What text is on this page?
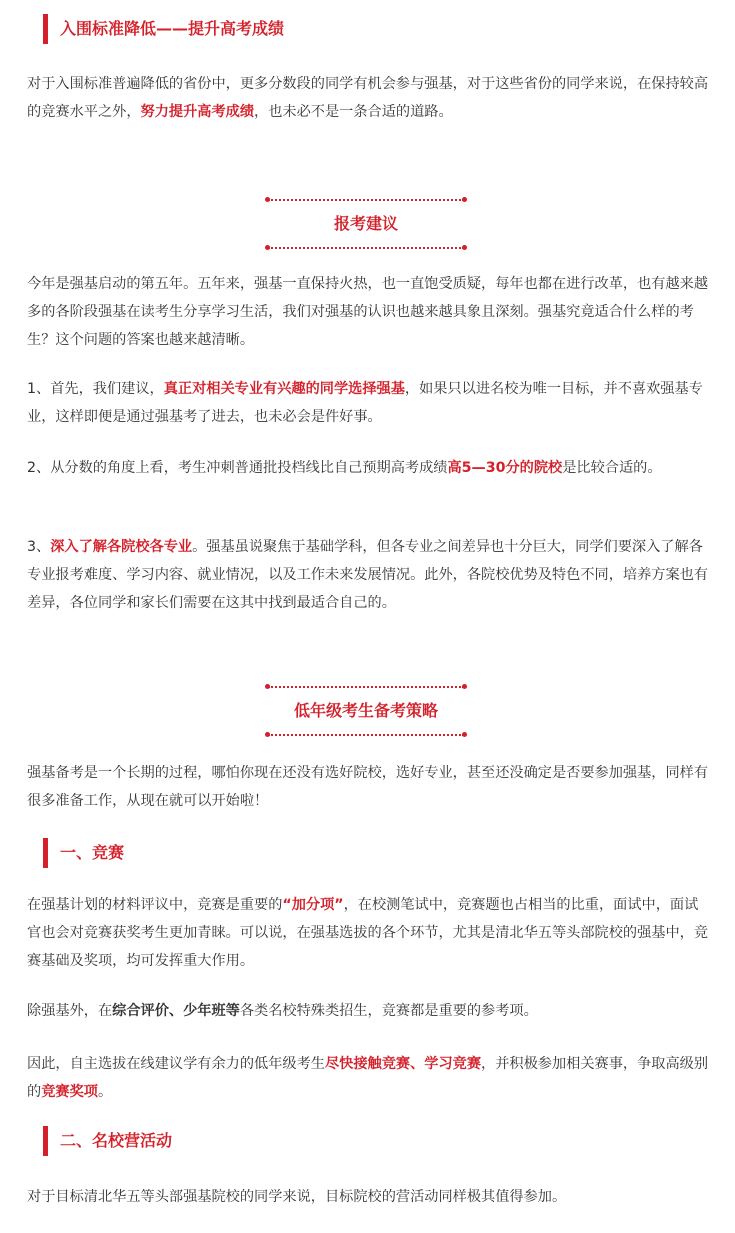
入围标准降低——提升高考成绩

对于入围标准普遍降低的省份中，更多分数段的同学有机会参与强基，对于这些省份的同学来说，在保持较高的竞赛水平之外，努力提升高考成绩，也未必不是一条合适的道路。

报考建议

今年是强基启动的第五年。五年来，强基一直保持火热，也一直饱受质疑，每年也都在进行改革，也有越来越多的各阶段强基在读考生分享学习生活，我们对强基的认识也越来越具象且深刻。强基究竟适合什么样的考生？这个问题的答案也越来越清晰。

1、首先，我们建议，真正对相关专业有兴趣的同学选择强基，如果只以进名校为唯一目标，并不喜欢强基专业，这样即便是通过强基考了进去，也未必会是件好事。

2、从分数的角度上看，考生冲刺普通批投档线比自己预期高考成绩高5—30分的院校是比较合适的。

3、深入了解各院校各专业。强基虽说聚焦于基础学科，但各专业之间差异也十分巨大，同学们要深入了解各专业报考难度、学习内容、就业情况，以及工作未来发展情况。此外，各院校优势及特色不同，培养方案也有差异，各位同学和家长们需要在这其中找到最适合自己的。

低年级考生备考策略

强基备考是一个长期的过程，哪怕你现在还没有选好院校，选好专业，甚至还没确定是否要参加强基，同样有很多准备工作，从现在就可以开始啦！

一、竞赛

在强基计划的材料评议中，竞赛是重要的“加分项”，在校测笔试中，竞赛题也占相当的比重，面试中，面试官也会对竞赛获奖考生更加青睐。可以说，在强基选拔的各个环节，尤其是清北华五等头部院校的强基中，竞赛基础及奖项，均可发挥重大作用。

除强基外，在综合评价、少年班等各类名校特殊类招生，竞赛都是重要的参考项。

因此，自主选拔在线建议学有余力的低年级考生尽快接触竞赛、学习竞赛，并积极参加相关赛事，争取高级别的竞赛奖项。

二、名校营活动

对于目标清北华五等头部强基院校的同学来说，目标院校的营活动同样极其值得参加。
